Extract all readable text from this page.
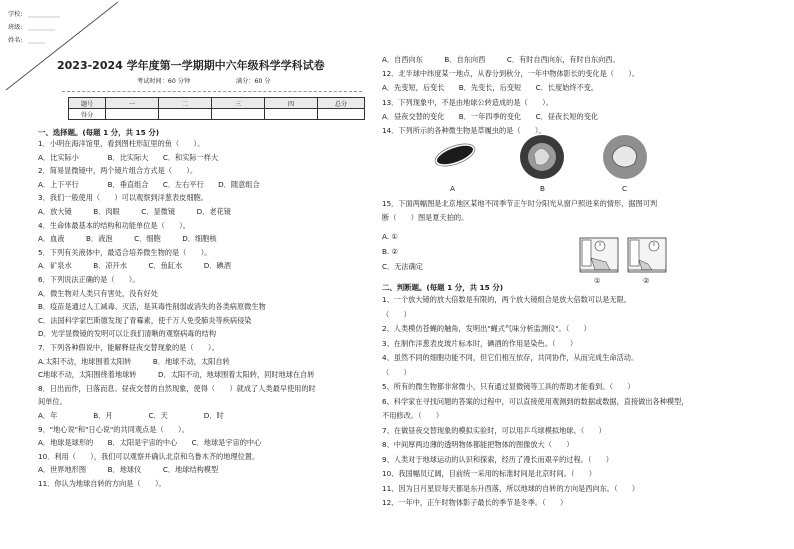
学校:
班级:
姓名:
2023-2024 学年度第一学期期中六年级科学学科试卷
考试时间：60 分钟	满分：60 分
题号	一	二	三	四	总分
得分					
一、选择题。(每题 1 分，共 15 分)
1．小明在海洋馆里，看到图柱形缸里的鱼（　　）。
A．比实际小　　　　B．比实际大　　C．和实际一样大
2．简易显微镜中，两个镜片组合方式是（　　）。
A．上下平行　　　　B．垂直组合　　C．左右平行　　D．随意组合
3．我们一般使用（　　）可以观察到洋葱表皮细胞。
A．放大镜　　　B．肉眼　　　C．显微镜　　　D．老花镜
4．生命体最基本的结构和功能单位是（　　）。
A．血液　　　B．液泡　　　C．细胞　　　D．细胞核
5．下列有关液体中，最适合培养微生物的是（　　）。
A．矿泉水　　　B．凉开水　　　C．鱼缸水　　　D．碘酒
6．下列说法正确的是（　　）。
A．微生物对人类只有害处，没有好处
B．疫苗是通过人工减毒、灭活，是其毒性削弱或消失的各类病原微生物
C．法国科学家巴斯德发现了青霉素，使千万人免受肺炎等疾病侵染
D．光学显微镜的发明可以让我们清晰的观察病毒的结构
7．下列各种假说中，能解释昼夜交替现象的是（　　）。
A.太阳不动，地球围着太阳转　　　B．地球不动，太阳自转
C地球不动，太阳围绕着地球转　　　D．太阳不动，地球围着太阳转，同时地球在自转
8．日出而作，日落而息。昼夜交替的自然现象，使得（　　）就成了人类最早使用的时
间单位。
A．年　　　　　B．月　　　　　C．天　　　　　D．时
9．"地心说"和"日心说"的共同观点是（　　）。
A．地球是球形的　　B．太阳是宇宙的中心　　C．地球是宇宙的中心
10．利用（　　），我们可以观察并确认北京和乌鲁木齐的地理位置。
A．世界地形图　　　B．地球仪　　　C．地球结构模型
11．你认为地球自转的方向是（　　）。
A．自西向东　　　B．自东向西　　　C．有时自西向东，有时自东向西。
12．北半球中纬度某一地点，从春分到秋分，一年中物体影长的变化是（　　）。
A．先变短，后变长　　B．先变长，后变短　　C．长度始终不变。
13．下列现象中，不是由地球公转造成的是（　　）。
A．昼夜交替的变化　　B．一年四季的变化　　C．昼夜长短的变化
14．下列所示的各种微生物是草履虫的是（　　）。
A	B	C
15．下面两幅图是北京地区某地不同季节正午时分阳光从窗户照进来的情形，据图可判
断（　　）图是夏天拍的。
A. ①
B. ②
C．无法确定
①	②
二、判断题。(每题 1 分，共 15 分)
1、一个放大镜的放大倍数是有限的，两个放大镜组合是放大倍数可以是无限。
（　　）
2、人类模仿苍蝇的触角，发明出"蝇式气味分析监测仪"。（　　）
3、在制作洋葱表皮玻片标本时，碘酒的作用是染色。（　　）
4、虽然不同的细胞功能不同，但它们相互依存，共同协作，从而完成生命活动。
（　　）
5、所有的微生物都非常微小，只有通过显微镜等工具的帮助才能看到。（　　）
6、科学家在寻找问题的答案的过程中，可以直接使用观测到的数据或数据，直接做出各种模型，
不用修改。（　　）
7、在做昼夜交替现象的模拟实验时，可以用乒乓球模拟地球。（　　）
8、中间厚两边薄的透明物体都能把物体的图像放大（　　）
9、人类对于地球运动的认识和探索，经历了漫长而艰辛的过程。（　　）
10、我国幅员辽阔，目前统一采用的标准时间是北京时间。（　　）
11、因为日月星辰每天都是东升西落，所以地球的自转的方向是西向东。（　　）
12、一年中，正午时物体影子最长的季节是冬季。（　　）
